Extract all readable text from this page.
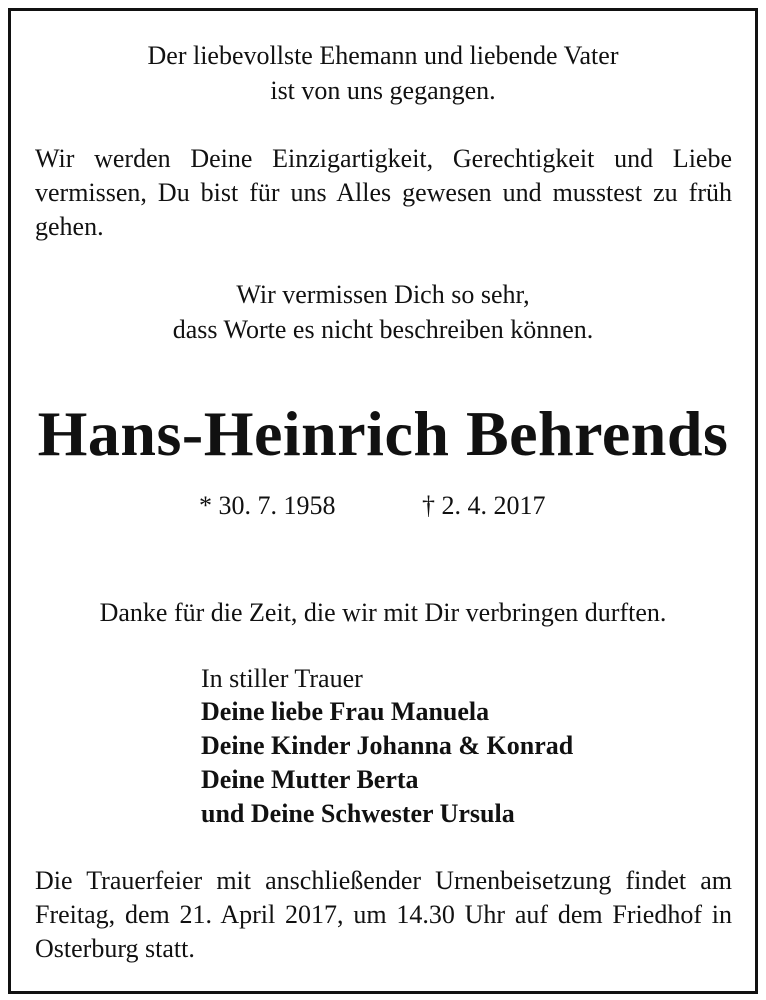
Der liebevollste Ehemann und liebende Vater

ist von uns gegangen.

Wir werden Deine Einzigartigkeit, Gerechtigkeit und Liebe vermissen, Du bist für uns Alles gewesen und musstest zu früh gehen.

Wir vermissen Dich so sehr,

dass Worte es nicht beschreiben können.

Hans-Heinrich Behrends
* 30. 7. 1958	† 2. 4. 2017

Danke für die Zeit, die wir mit Dir verbringen durften.

In stiller Trauer

Deine liebe Frau Manuela

Deine Kinder Johanna & Konrad

Deine Mutter Berta

und Deine Schwester Ursula

Die Trauerfeier mit anschließender Urnenbeisetzung findet am Freitag, dem 21. April 2017, um 14.30 Uhr auf dem Friedhof in Osterburg statt.
